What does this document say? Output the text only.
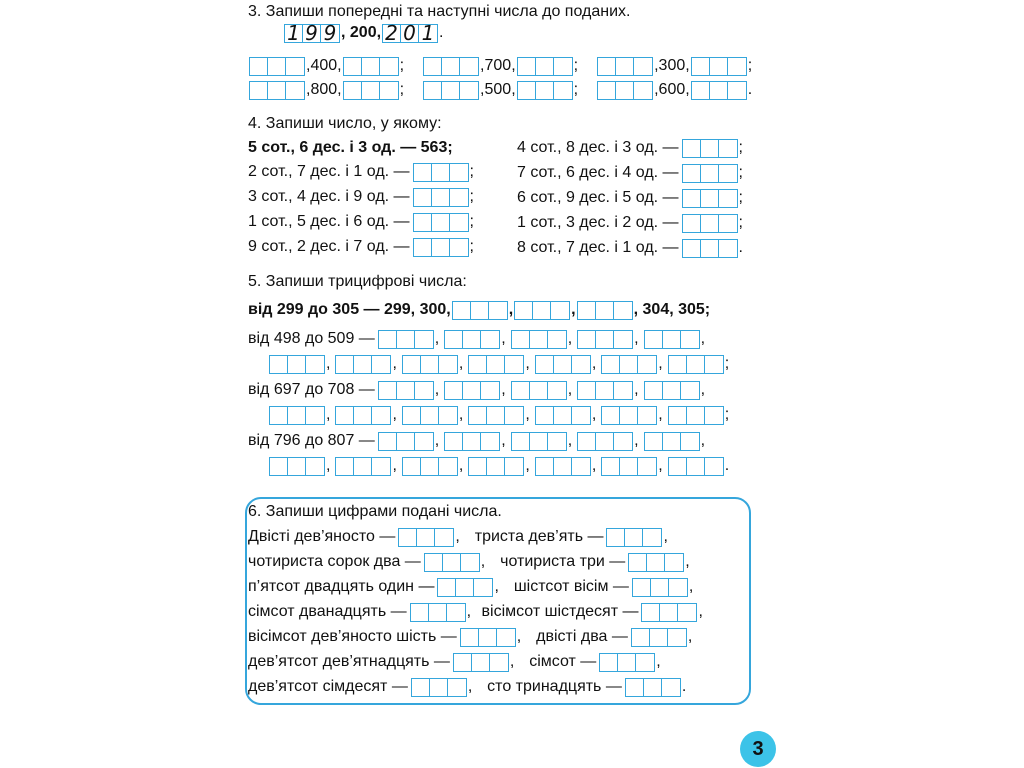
3. Запиши попередні та наступні числа до поданих.
1 9 9 , 200, 2 0 1 .
,400,	;	,700,	;	,300,	;
,800,	;	,500,	;	,600,	.
4. Запиши число, у якому:
5 сот., 6 дес. і 3 од. — 563;
2 сот., 7 дес. і 1 од. —	;
3 сот., 4 дес. і 9 од. —	;
1 сот., 5 дес. і 6 од. —	;
9 сот., 2 дес. і 7 од. —	;
4 сот., 8 дес. і 3 од. —	;
7 сот., 6 дес. і 4 од. —	;
6 сот., 9 дес. і 5 од. —	;
1 сот., 3 дес. і 2 од. —	;
8 сот., 7 дес. і 1 од. —	.
5. Запиши трицифрові числа:
від 299 до 305 — 299, 300,	,	,	, 304, 305;
від 498 до 509 —	,	,	,	,	,
,	,	,	,	,	,	;
від 697 до 708 —	,	,	,	,	,
,	,	,	,	,	,	;
від 796 до 807 —	,	,	,	,	,
,	,	,	,	,	,	.
6. Запиши цифрами подані числа.
Двісті дев’яносто —	, триста дев’ять —	,
чотириста сорок два —	, чотириста три —	,
п’ятсот двадцять один —	, шістсот вісім —	,
сімсот дванадцять —	, вісімсот шістдесят —	,
вісімсот дев’яносто шість —	, двісті два —	,
дев’ятсот дев’ятнадцять —	, сімсот —	,
дев’ятсот сімдесят —	, сто тринадцять —	.
3
